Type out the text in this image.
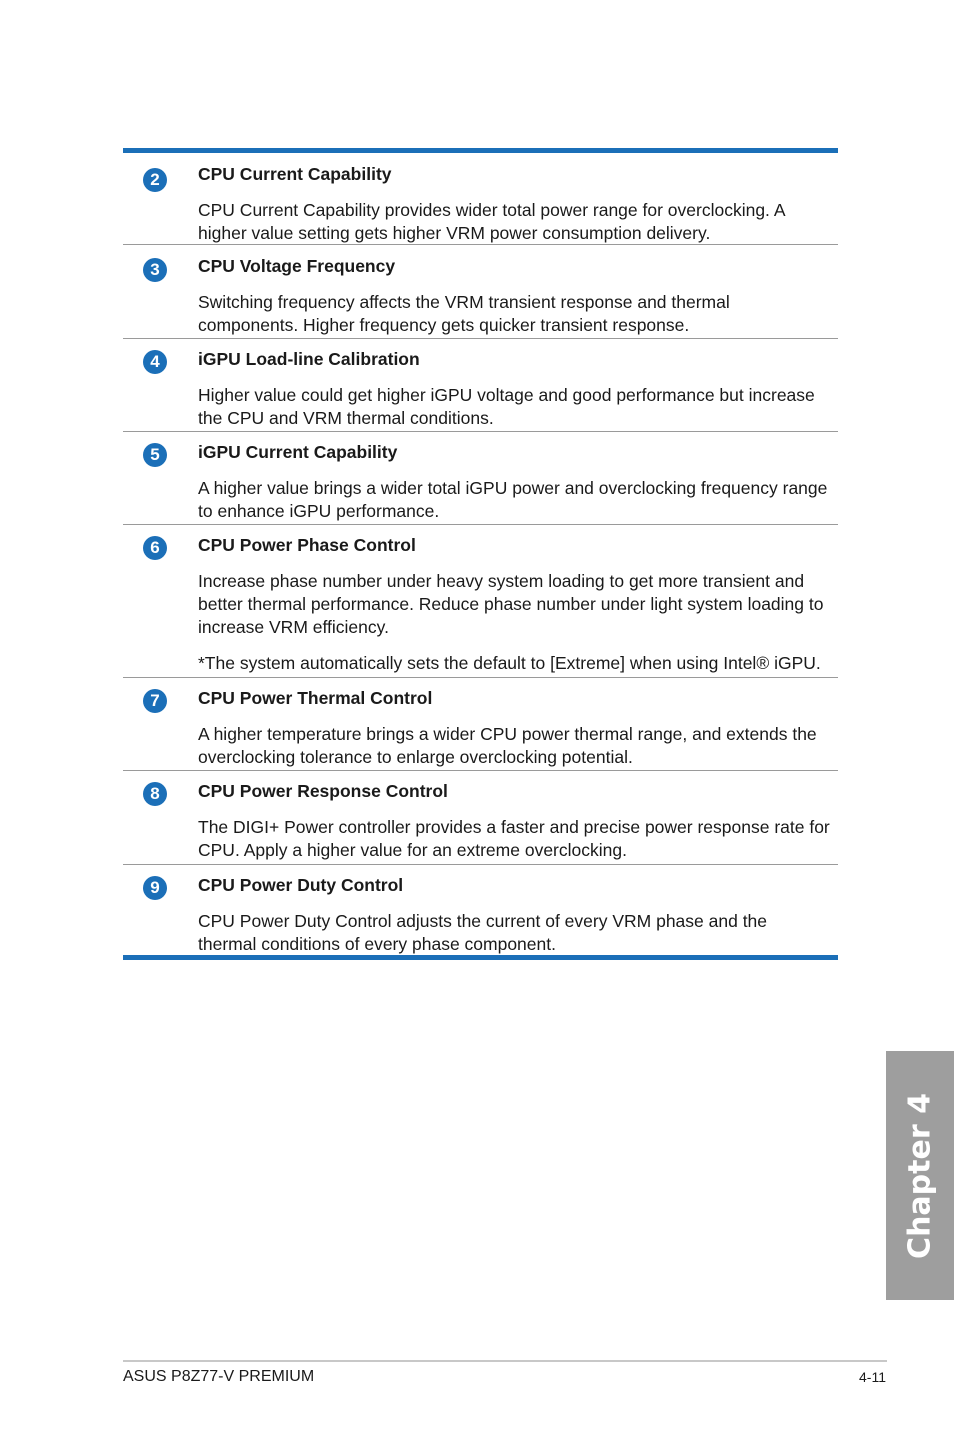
2	CPU Current Capability
CPU Current Capability provides wider total power range for overclocking. A higher value setting gets higher VRM power consumption delivery.
3	CPU Voltage Frequency
Switching frequency affects the VRM transient response and thermal components. Higher frequency gets quicker transient response.
4	iGPU Load-line Calibration
Higher value could get higher iGPU voltage and good performance but increase the CPU and VRM thermal conditions.
5	iGPU Current Capability
A higher value brings a wider total iGPU power and overclocking frequency range to enhance iGPU performance.
6	CPU Power Phase Control
Increase phase number under heavy system loading to get more transient and better thermal performance. Reduce phase number under light system loading to increase VRM efficiency.
*The system automatically sets the default to [Extreme] when using Intel® iGPU.
7	CPU Power Thermal Control
A higher temperature brings a wider CPU power thermal range, and extends the overclocking tolerance to enlarge overclocking potential.
8	CPU Power Response Control
The DIGI+ Power controller provides a faster and precise power response rate for CPU. Apply a higher value for an extreme overclocking.
9	CPU Power Duty Control
CPU Power Duty Control adjusts the current of every VRM phase and the thermal conditions of every phase component.
Chapter 4
ASUS P8Z77-V PREMIUM	4-11
